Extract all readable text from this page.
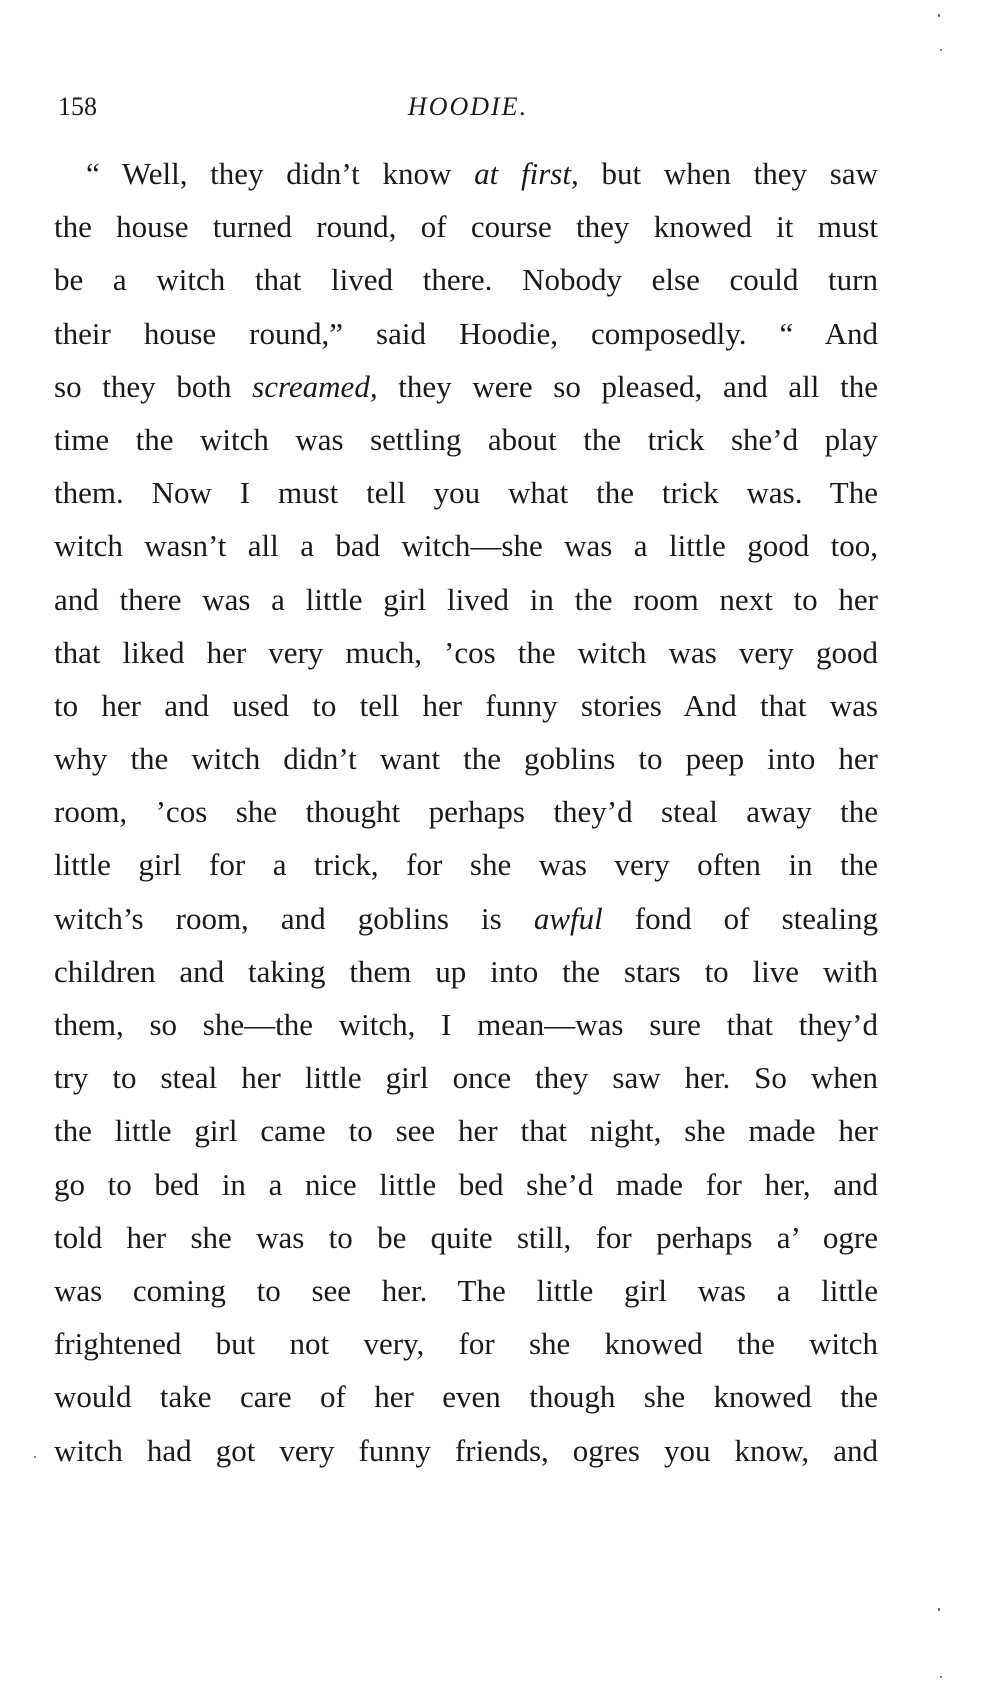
158	HOODIE.
“ Well, they didn’t know at first, but when they saw
the house turned round, of course they knowed it must
be a witch that lived there. Nobody else could turn
their house round,” said Hoodie, composedly. “ And
so they both screamed, they were so pleased, and all the
time the witch was settling about the trick she’d play
them. Now I must tell you what the trick was. The
witch wasn’t all a bad witch—she was a little good too,
and there was a little girl lived in the room next to her
that liked her very much, ’cos the witch was very good
to her and used to tell her funny stories And that was
why the witch didn’t want the goblins to peep into her
room, ’cos she thought perhaps they’d steal away the
little girl for a trick, for she was very often in the
witch’s room, and goblins is awful fond of stealing
children and taking them up into the stars to live with
them, so she—the witch, I mean—was sure that they’d
try to steal her little girl once they saw her. So when
the little girl came to see her that night, she made her
go to bed in a nice little bed she’d made for her, and
told her she was to be quite still, for perhaps a’ ogre
was coming to see her. The little girl was a little
frightened but not very, for she knowed the witch
would take care of her even though she knowed the
witch had got very funny friends, ogres you know, and
